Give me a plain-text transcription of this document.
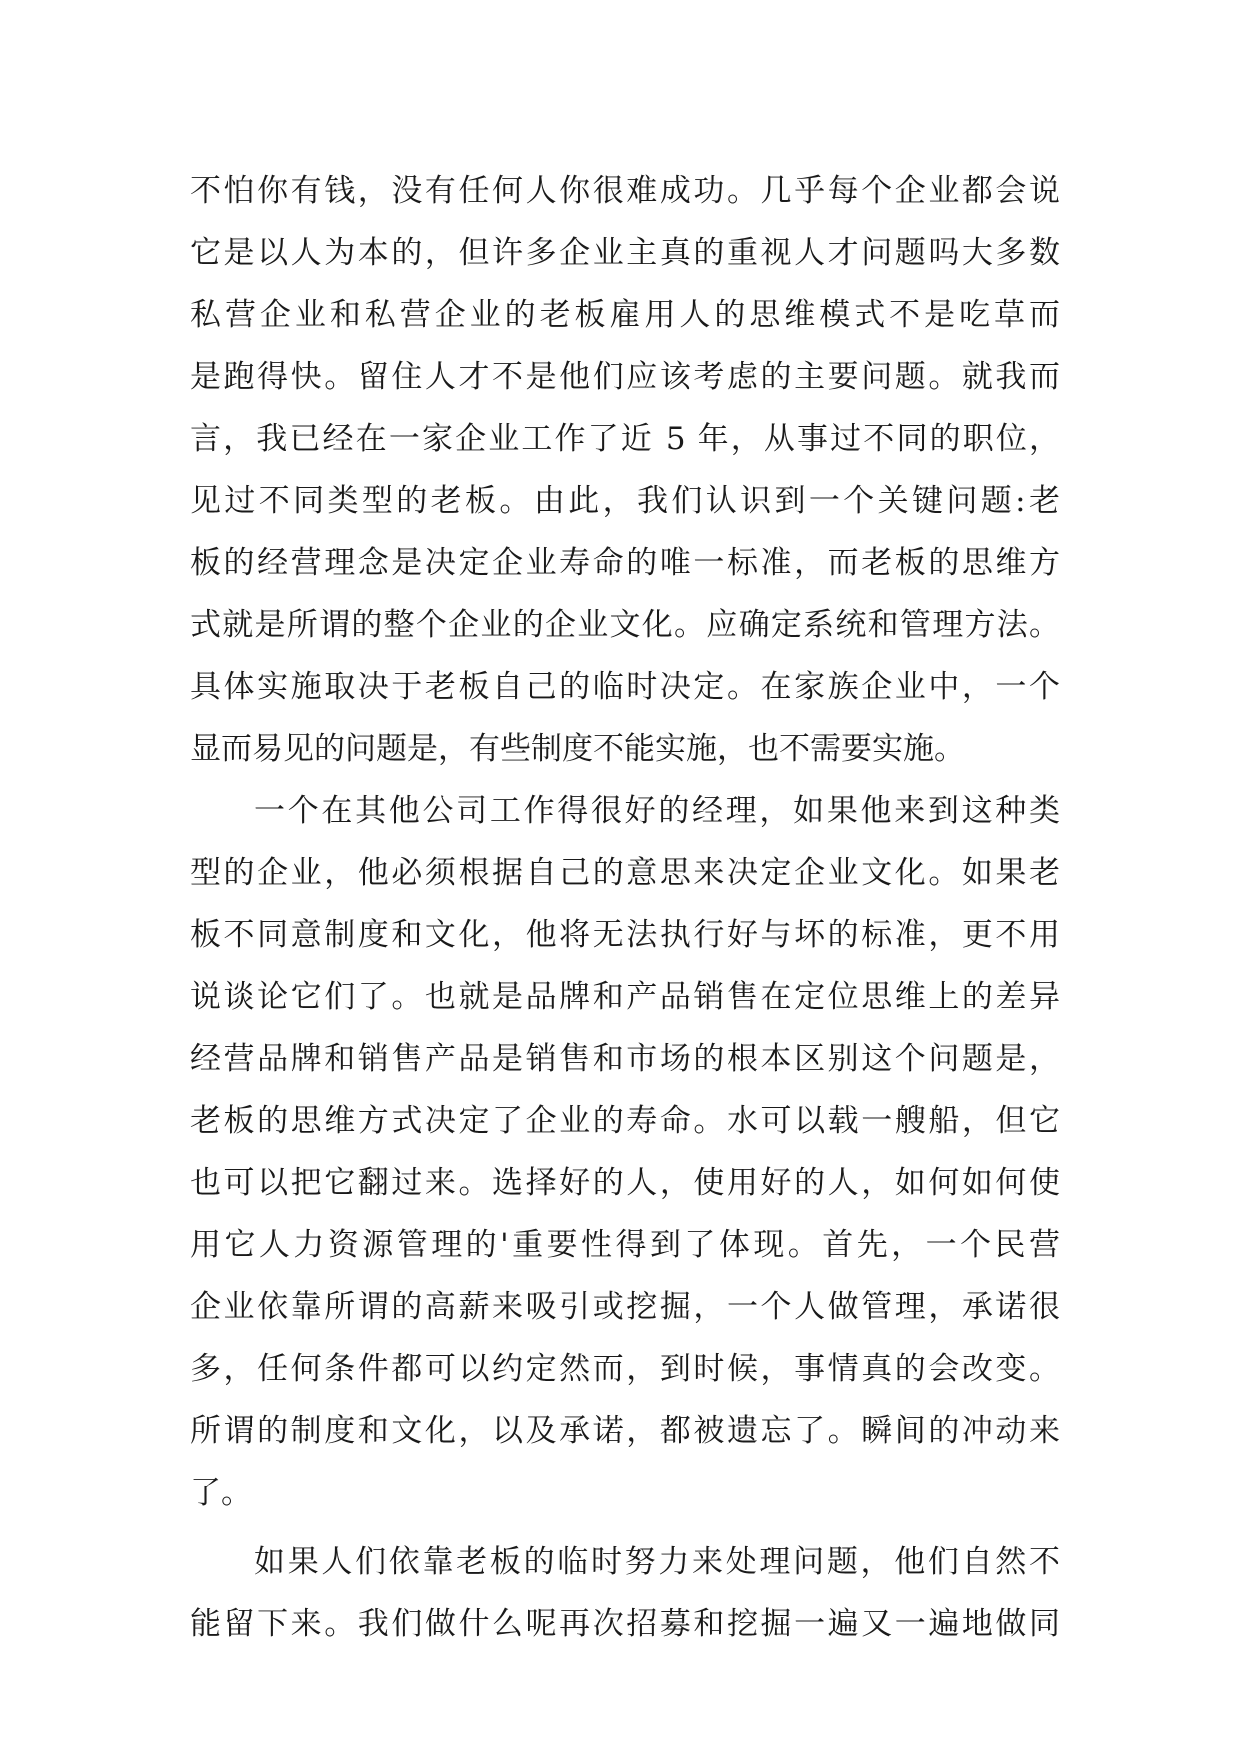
不怕你有钱，没有任何人你很难成功。几乎每个企业都会说
它是以人为本的，但许多企业主真的重视人才问题吗大多数
私营企业和私营企业的老板雇用人的思维模式不是吃草而
是跑得快。留住人才不是他们应该考虑的主要问题。就我而
言，我已经在一家企业工作了近 5 年，从事过不同的职位，
见过不同类型的老板。由此，我们认识到一个关键问题:老
板的经营理念是决定企业寿命的唯一标准，而老板的思维方
式就是所谓的整个企业的企业文化。应确定系统和管理方法。
具体实施取决于老板自己的临时决定。在家族企业中，一个
显而易见的问题是，有些制度不能实施，也不需要实施。
一个在其他公司工作得很好的经理，如果他来到这种类
型的企业，他必须根据自己的意思来决定企业文化。如果老
板不同意制度和文化，他将无法执行好与坏的标准，更不用
说谈论它们了。也就是品牌和产品销售在定位思维上的差异
经营品牌和销售产品是销售和市场的根本区别这个问题是，
老板的思维方式决定了企业的寿命。水可以载一艘船，但它
也可以把它翻过来。选择好的人，使用好的人，如何如何使
用它人力资源管理的'重要性得到了体现。首先，一个民营
企业依靠所谓的高薪来吸引或挖掘，一个人做管理，承诺很
多，任何条件都可以约定然而，到时候，事情真的会改变。
所谓的制度和文化，以及承诺，都被遗忘了。瞬间的冲动来
了。
如果人们依靠老板的临时努力来处理问题，他们自然不
能留下来。我们做什么呢再次招募和挖掘一遍又一遍地做同
